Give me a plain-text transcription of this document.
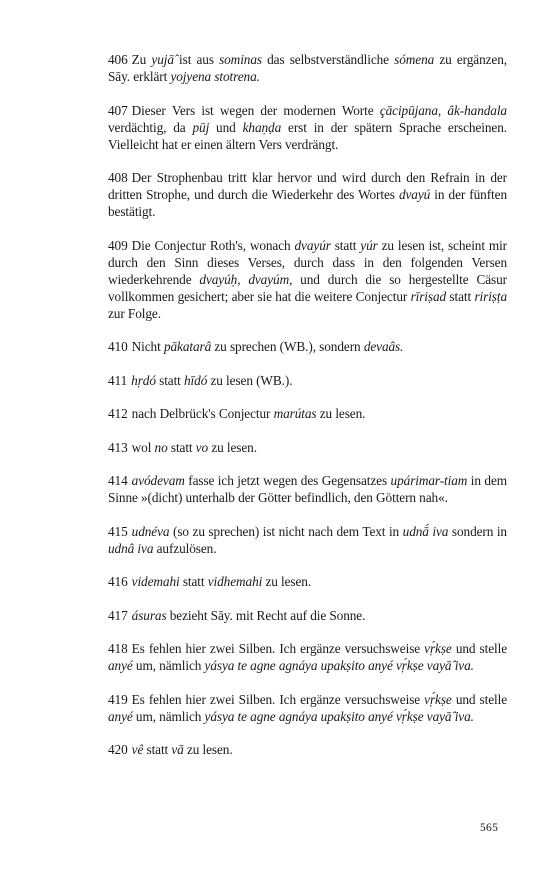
406 Zu yujā̂ ist aus sominas das selbstverständliche sómena zu ergänzen, Sāy. erklärt yojyena stotrena.

407 Dieser Vers ist wegen der modernen Worte çācipūjana, âk-handala verdächtig, da pūj und khaṇḍa erst in der spätern Sprache erscheinen. Vielleicht hat er einen ältern Vers verdrängt.

408 Der Strophenbau tritt klar hervor und wird durch den Refrain in der dritten Strophe, und durch die Wiederkehr des Wortes dvayú in der fünften bestätigt.

409 Die Conjectur Roth's, wonach dvayúr statt yúr zu lesen ist, scheint mir durch den Sinn dieses Verses, durch dass in den folgenden Versen wiederkehrende dvayúḥ, dvayúm, und durch die so hergestellte Cäsur vollkommen gesichert; aber sie hat die weitere Conjectur rīriṣad statt ririṣṭa zur Folge.

410 Nicht pākatarâ zu sprechen (WB.), sondern devaâs.

411 hṛdó statt hīdó zu lesen (WB.).

412 nach Delbrück's Conjectur marútas zu lesen.

413 wol no statt vo zu lesen.

414 avódevam fasse ich jetzt wegen des Gegensatzes upárimar-tiam in dem Sinne »(dicht) unterhalb der Götter befindlich, den Göttern nah«.

415 udnéva (so zu sprechen) ist nicht nach dem Text in udnā́ iva sondern in udnâ iva aufzulösen.

416 videmahi statt vidhemahi zu lesen.

417 ásuras bezieht Sāy. mit Recht auf die Sonne.

418 Es fehlen hier zwei Silben. Ich ergänze versuchsweise vṛ́kṣe und stelle anyé um, nämlich yásya te agne agnáya upakṣito anyé vṛ́kṣe vayā̂ iva.

419 Es fehlen hier zwei Silben. Ich ergänze versuchsweise vṛ́kṣe und stelle anyé um, nämlich yásya te agne agnáya upakṣito anyé vṛ́kṣe vayā̂ iva.

420 vê statt vā zu lesen.

565
